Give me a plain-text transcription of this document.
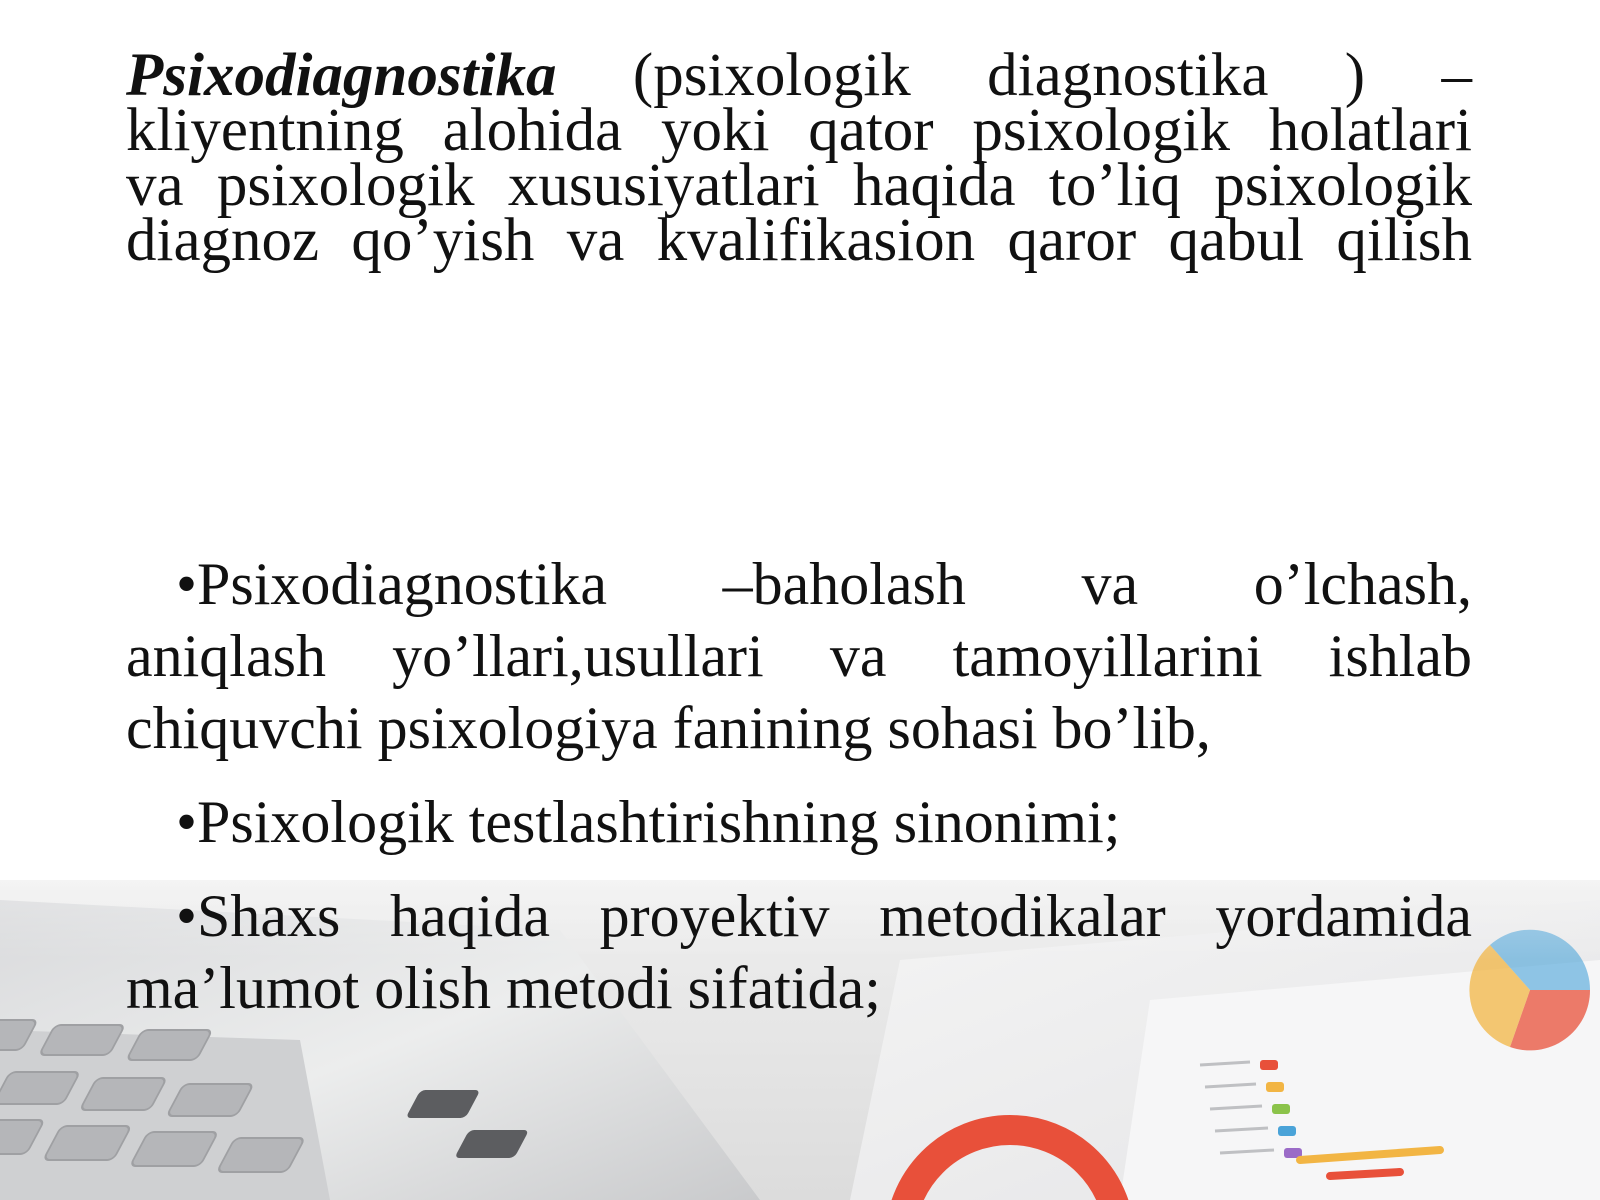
Psixodiagnostika (psixologik diagnostika ) –
kliyentning alohida yoki qator psixologik holatlari
va psixologik xususiyatlari haqida to’liq psixologik
diagnoz qo’yish va kvalifikasion qaror qabul qilish
•Psixodiagnostika –baholash va o’lchash,
aniqlash yo’llari,usullari va tamoyillarini ishlab
chiquvchi psixologiya fanining sohasi bo’lib,
•Psixologik testlashtirishning sinonimi;
•Shaxs haqida proyektiv metodikalar yordamida
ma’lumot olish metodi sifatida;
